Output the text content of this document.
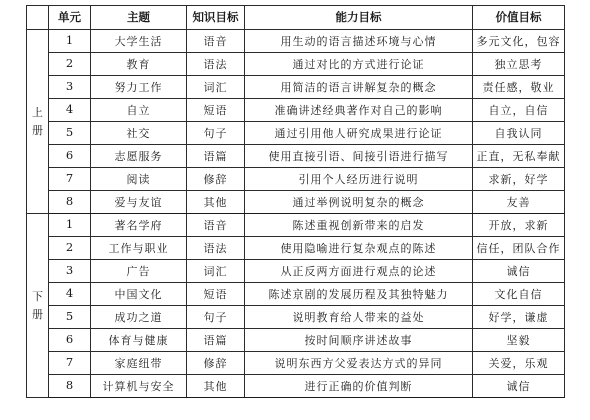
	单元	主题	知识目标	能力目标	价值目标

上
册	1	大学生活	语音	用生动的语言描述环境与心情	多元文化，包容
	2	教育	语法	通过对比的方式进行论证	独立思考
	3	努力工作	词汇	用简洁的语言讲解复杂的概念	责任感，敬业
	4	自立	短语	准确讲述经典著作对自己的影响	自立，自信
	5	社交	句子	通过引用他人研究成果进行论证	自我认同
	6	志愿服务	语篇	使用直接引语、间接引语进行描写	正直，无私奉献
	7	阅读	修辞	引用个人经历进行说明	求新，好学
	8	爱与友谊	其他	通过举例说明复杂的概念	友善

下
册	1	著名学府	语音	陈述重视创新带来的启发	开放，求新
	2	工作与职业	语法	使用隐喻进行复杂观点的陈述	信任，团队合作
	3	广告	词汇	从正反两方面进行观点的论述	诚信
	4	中国文化	短语	陈述京剧的发展历程及其独特魅力	文化自信
	5	成功之道	句子	说明教育给人带来的益处	好学，谦虚
	6	体育与健康	语篇	按时间顺序讲述故事	坚毅
	7	家庭纽带	修辞	说明东西方父爱表达方式的异同	关爱，乐观
	8	计算机与安全	其他	进行正确的价值判断	诚信
